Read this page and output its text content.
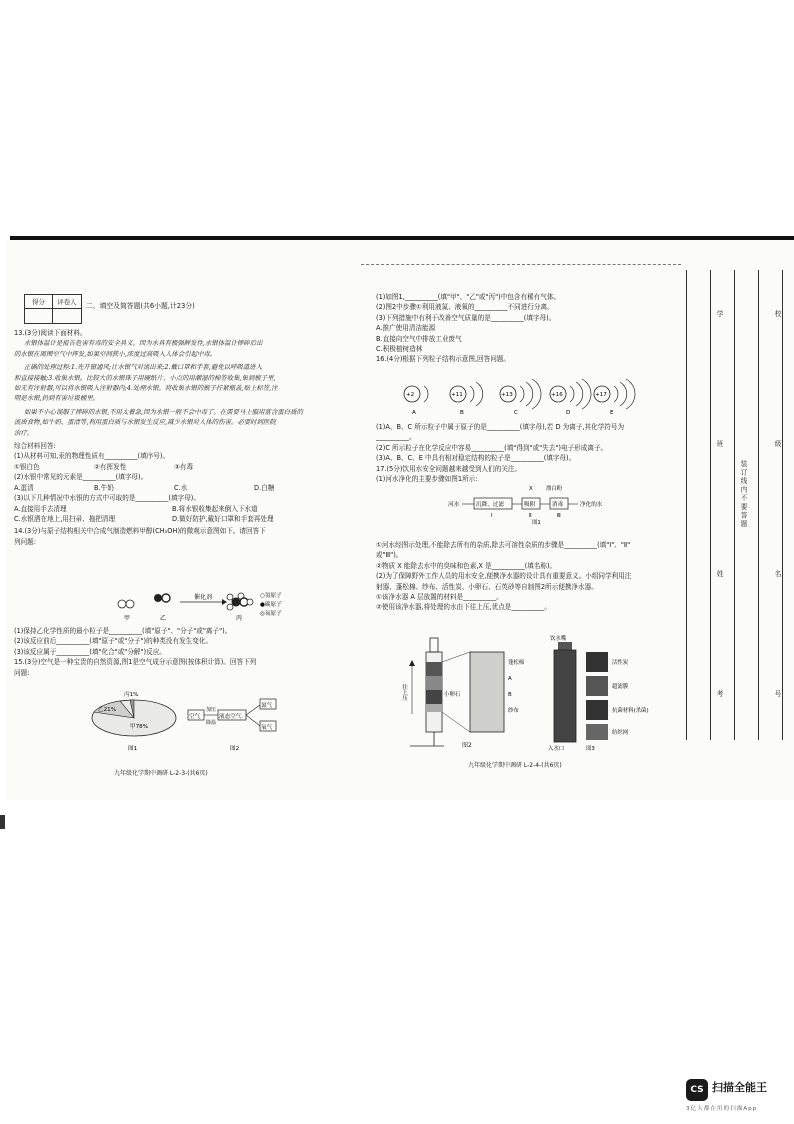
得分	评卷人	二、填空及简答题(共6小题,计23分)
13.(3分)阅读下面材料。
水银体温计是报告危害有毒的安全具义。因为水具有极强鲜发性,水银体温计摔碎后出
的水银在周围空气中挥发,如果空间狭小,浓度过高吸入人体会引起中毒。
正确的处理过程:1.先开窗通风;让水银气对流出来;2.戴口罩和手套,避免以呼吸道进入
和直接接触;3.收集水银。比较大的水银珠子用硬纸片、小点的用潮湿的棉签收集,集到瓶子里,
如无有注射器,可以将水银吸入注射器内;4.处理水银。将收集水银的瓶子拧紧瓶盖,贴上标签,注
明是水银,扔到有害垃圾桶里。
如果不小心误服了摔碎的水银,不用太着急,因为水银一般不会中毒了。在需要马上服用富含蛋白质的
流质食物,如牛奶、蛋清等,利用蛋白质与水银发生反应,减少水银对人体的伤害。必要时到医院
治疗。
综合材料回答:
(1)从材料可知,汞的物理性质有__________(填序号)。
①银白色	②有挥发性	③有毒
(2)水银中常见的元素是__________(填字母)。
A.蛋清	B.牛奶	C.水	D.白糖
(3)以下几种情况中水银的方式中可取的是__________(填字母)。
A.直接用手去清理	B.将水银收集起来倒入下水道
C.水银洒在地上,用扫帚、拖把清理	D.做好防护,戴好口罩和手套再处理
14.(3分)与原子结构相关中合成气制造燃料甲醇(CH₃OH)的微观示意图如下。请回答下
列问题:
催化剂
甲	乙	丙
○氢原子
●碳原子
◎氧原子
(1)保持乙化学性质的最小粒子是__________(填"原子"、"分子"或"离子")。
(2)该反应前后__________(填"原子"或"分子")的种类没有发生变化。
(3)该反应属于__________(填"化合"或"分解")反应。
15.(3分)空气是一种宝贵的自然资源,图1是空气成分示意图(按体积计算)。回答下列
问题:
丙1%
乙21%
甲78%
图1
空气
加压
降温
液态空气
氮气
氧气
图2
九年级化学期中调研 L-2-3-(共6页)
(1)如图1,__________(填"甲"、"乙"或"丙")中包含有稀有气体。
(2)图2中步骤①利用液氮、液氧的__________不同进行分离。
(3)下列措施中有利于改善空气质量的是__________(填字母)。
A.推广使用清洁能源
B.直接向空气中排放工业废气
C.积极植树造林
16.(4分)根据下列粒子结构示意图,回答问题。
+2
A
+11
B
+13
C
+16
D
+17
E
(1)A、B、C 所示粒子中属于原子的是__________(填字母),若 D 为离子,其化学符号为
__________。
(2)C 所示粒子在化学反应中容易__________(填"得到"或"失去")电子形成离子。
(3)A、B、C、E 中具有相对稳定结构的粒子是__________(填字母)。
17.(5分)饮用水安全问题越来越受到人们的关注。
(1)河水净化的主要步骤如图1所示:
河水	沉降、过滤	吸附	消毒	净化的水
X 漂白粉
Ⅰ	Ⅱ	Ⅲ
图1
①河水经图示处理,不能除去所有的杂质,除去可溶性杂质的步骤是__________(填"Ⅰ"、"Ⅱ"
或"Ⅲ")。
②物质 X 能除去水中的臭味和色素,X 是__________(填名称)。
(2)为了保障野外工作人员的用水安全,便携净水器的设计具有重要意义。小组同学利用注
射器、蓬松棉、纱布、活性炭、小卵石、石英砂等自制图2所示便携净水器。
①该净水器 A 层放置的材料是__________。
②使用该净水器,将处理的水由下往上压,优点是__________。
往上压
蓬松棉
A
B
小卵石
纱布
图2
饮水嘴
活性炭
超滤膜
抗菌材料(杀菌)
纺织网
入水口	图3
九年级化学期中调研 L-2-4-(共6页)
装订线内不要答题
学	校
班	级
姓	名
考	号
CS 扫描全能王
3亿人都在用的扫描App
